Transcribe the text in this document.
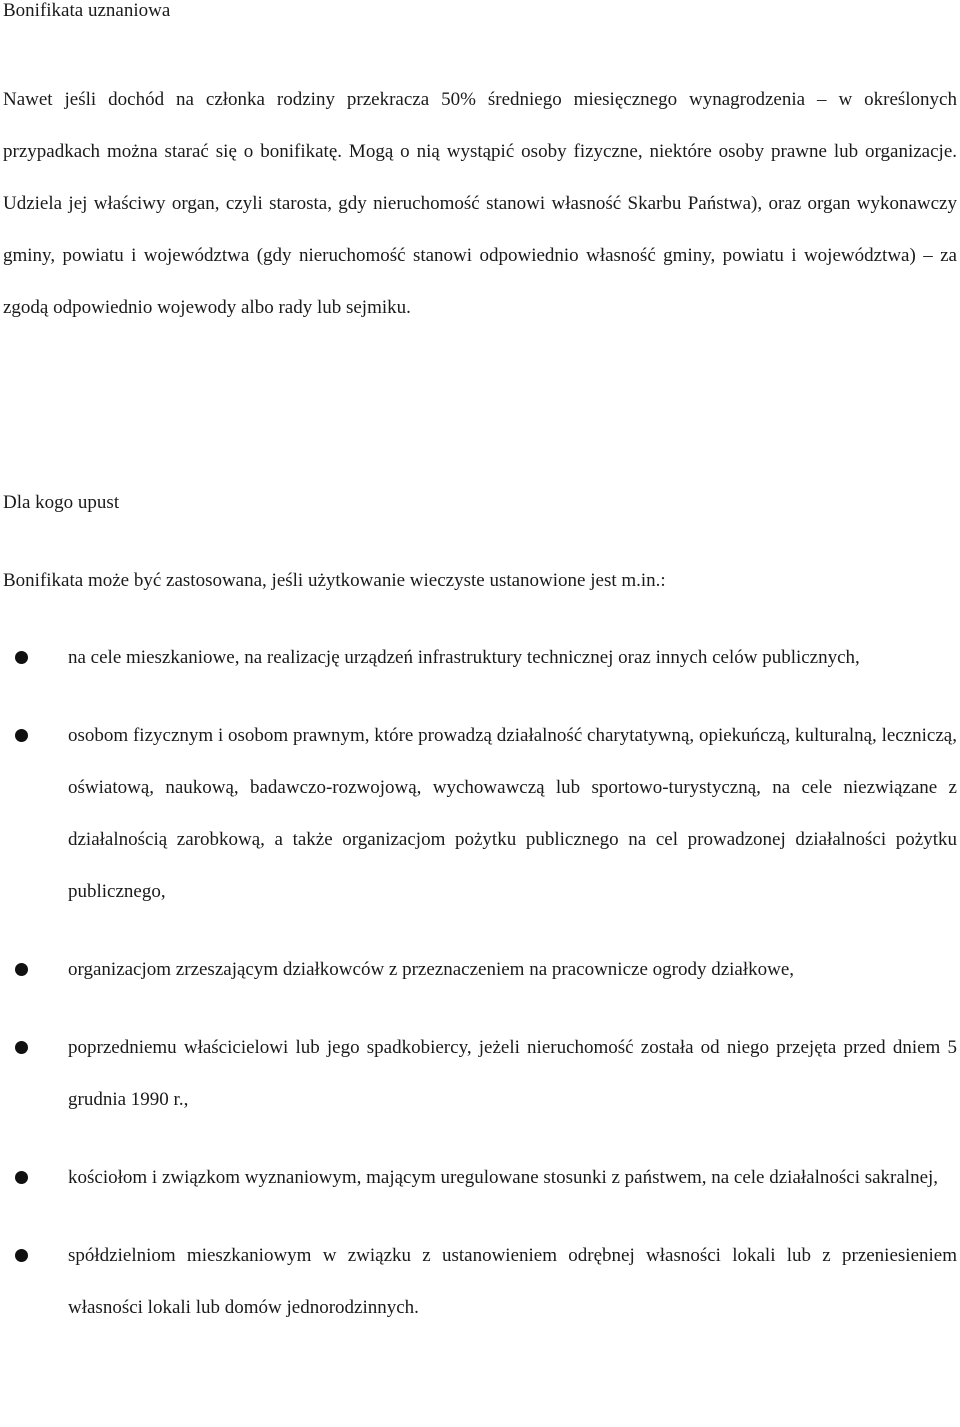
Bonifikata uznaniowa

Nawet jeśli dochód na członka rodziny przekracza 50% średniego miesięcznego wynagrodzenia – w określonych przypadkach można starać się o bonifikatę. Mogą o nią wystąpić osoby fizyczne, niektóre osoby prawne lub organizacje. Udziela jej właściwy organ, czyli starosta, gdy nieruchomość stanowi własność Skarbu Państwa), oraz organ wykonawczy gminy, powiatu i województwa (gdy nieruchomość stanowi odpowiednio własność gminy, powiatu i województwa) – za zgodą odpowiednio wojewody albo rady lub sejmiku.

Dla kogo upust

Bonifikata może być zastosowana, jeśli użytkowanie wieczyste ustanowione jest m.in.:

na cele mieszkaniowe, na realizację urządzeń infrastruktury technicznej oraz innych celów publicznych,
osobom fizycznym i osobom prawnym, które prowadzą działalność charytatywną, opiekuńczą, kulturalną, leczniczą, oświatową, naukową, badawczo-rozwojową, wychowawczą lub sportowo-turystyczną, na cele niezwiązane z działalnością zarobkową, a także organizacjom pożytku publicznego na cel prowadzonej działalności pożytku publicznego,
organizacjom zrzeszającym działkowców z przeznaczeniem na pracownicze ogrody działkowe,
poprzedniemu właścicielowi lub jego spadkobiercy, jeżeli nieruchomość została od niego przejęta przed dniem 5 grudnia 1990 r.,
kościołom i związkom wyznaniowym, mającym uregulowane stosunki z państwem, na cele działalności sakralnej,
spółdzielniom mieszkaniowym w związku z ustanowieniem odrębnej własności lokali lub z przeniesieniem własności lokali lub domów jednorodzinnych.
